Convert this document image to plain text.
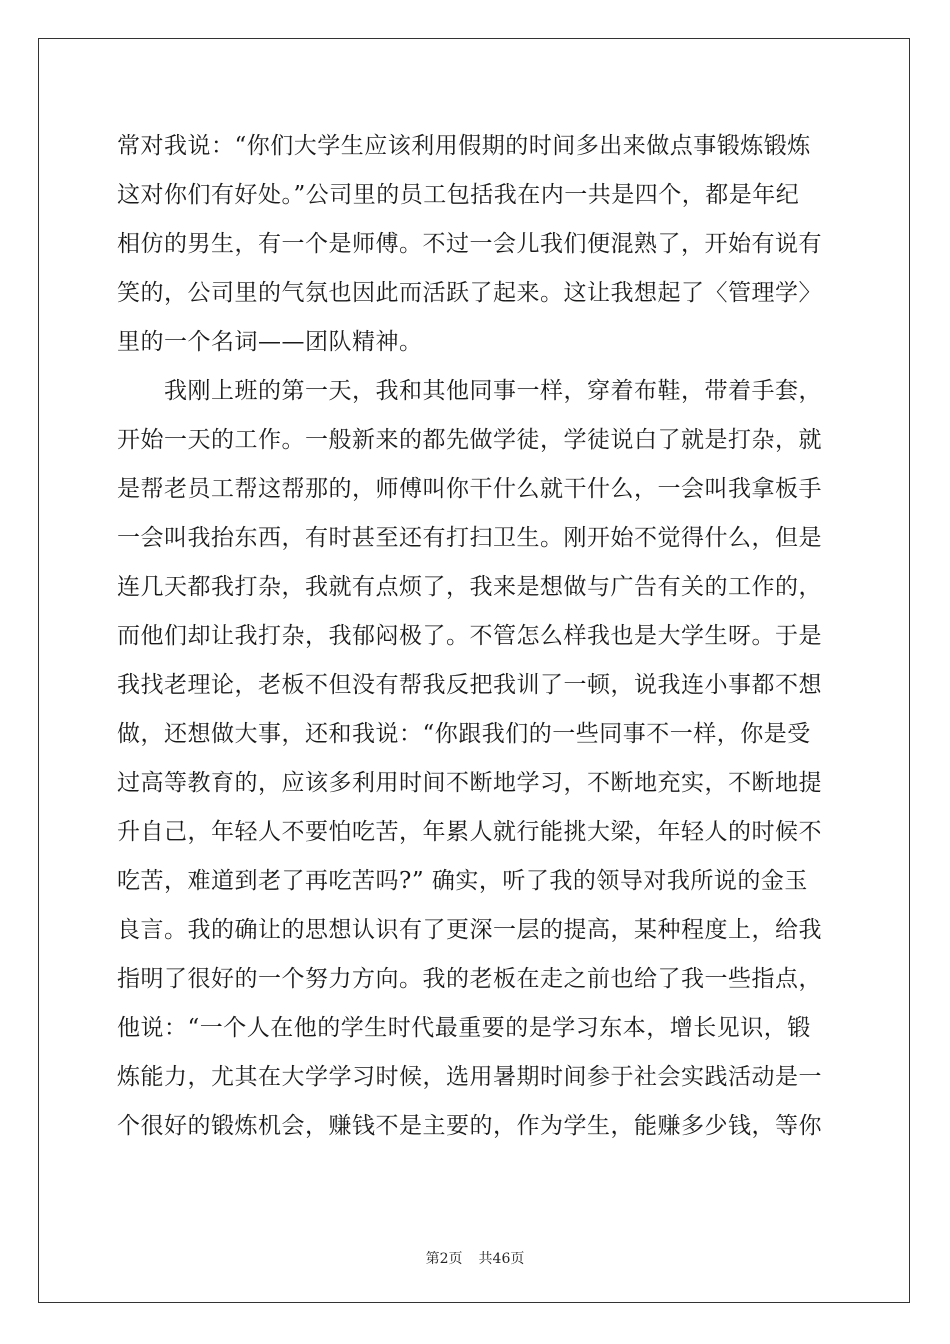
常对我说：“你们大学生应该利用假期的时间多出来做点事锻炼锻炼
这对你们有好处。”公司里的员工包括我在内一共是四个，都是年纪
相仿的男生，有一个是师傅。不过一会儿我们便混熟了，开始有说有
笑的，公司里的气氛也因此而活跃了起来。这让我想起了〈管理学〉
里的一个名词——团队精神。
　　我刚上班的第一天，我和其他同事一样，穿着布鞋，带着手套，
开始一天的工作。一般新来的都先做学徒，学徒说白了就是打杂，就
是帮老员工帮这帮那的，师傅叫你干什么就干什么，一会叫我拿板手
一会叫我抬东西，有时甚至还有打扫卫生。刚开始不觉得什么，但是
连几天都我打杂，我就有点烦了，我来是想做与广告有关的工作的，
而他们却让我打杂，我郁闷极了。不管怎么样我也是大学生呀。于是
我找老理论，老板不但没有帮我反把我训了一顿，说我连小事都不想
做，还想做大事，还和我说：“你跟我们的一些同事不一样，你是受
过高等教育的，应该多利用时间不断地学习，不断地充实，不断地提
升自己，年轻人不要怕吃苦，年累人就行能挑大梁，年轻人的时候不
吃苦，难道到老了再吃苦吗?” 确实，听了我的领导对我所说的金玉
良言。我的确让的思想认识有了更深一层的提高，某种程度上，给我
指明了很好的一个努力方向。我的老板在走之前也给了我一些指点，
他说：“一个人在他的学生时代最重要的是学习东本，增长见识，锻
炼能力，尤其在大学学习时候，选用暑期时间参于社会实践活动是一
个很好的锻炼机会，赚钱不是主要的，作为学生，能赚多少钱，等你
第2页 共46页
